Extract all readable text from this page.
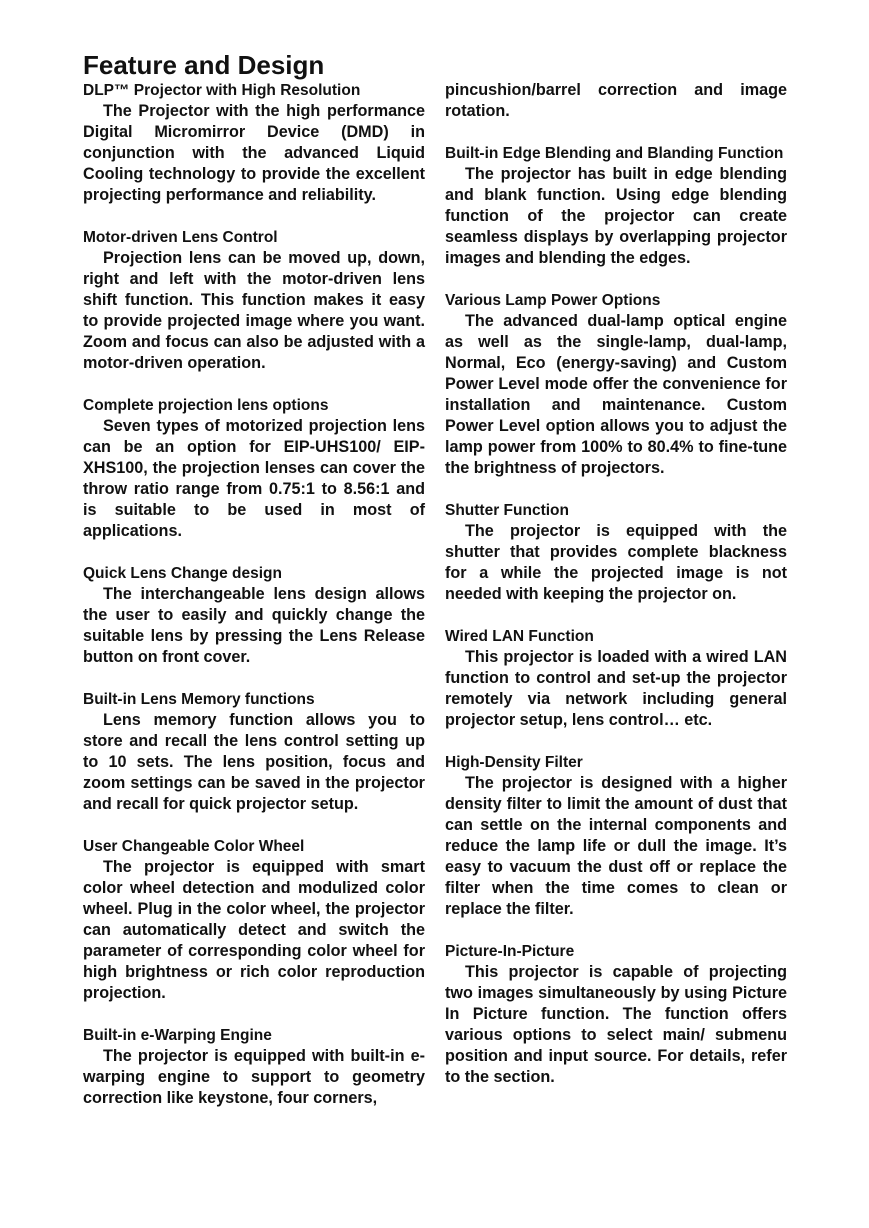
Feature and Design
DLP™ Projector with High Resolution
The Projector with the high performance Digital Micromirror Device (DMD) in conjunction with the advanced Liquid Cooling technology to provide the excellent projecting performance and reliability.
Motor-driven Lens Control
Projection lens can be moved up, down, right and left with the motor-driven lens shift function. This function makes it easy to provide projected image where you want. Zoom and focus can also be adjusted with a motor-driven operation.
Complete projection lens options
Seven types of motorized projection lens can be an option for EIP-UHS100/ EIP-XHS100, the projection lenses can cover the throw ratio range from 0.75:1 to 8.56:1 and is suitable to be used in most of applications.
Quick Lens Change design
The interchangeable lens design allows the user to easily and quickly change the suitable lens by pressing the Lens Release button on front cover.
Built-in Lens Memory functions
Lens memory function allows you to store and recall the lens control setting up to 10 sets. The lens position, focus and zoom settings can be saved in the projector and recall for quick projector setup.
User Changeable Color Wheel
The projector is equipped with smart color wheel detection and modulized color wheel. Plug in the color wheel, the projector can automatically detect and switch the parameter of corresponding color wheel for high brightness or rich color reproduction projection.
Built-in e-Warping Engine
The projector is equipped with built-in e-warping engine to support to geometry correction like keystone, four corners,
pincushion/barrel correction and image rotation.
Built-in Edge Blending and Blanding Function
The projector has built in edge blending and blank function. Using edge blending function of the projector can create seamless displays by overlapping projector images and blending the edges.
Various Lamp Power Options
The advanced dual-lamp optical engine as well as the single-lamp, dual-lamp, Normal, Eco (energy-saving) and Custom Power Level mode offer the convenience for installation and maintenance. Custom Power Level option allows you to adjust the lamp power from 100% to 80.4% to fine-tune the brightness of projectors.
Shutter Function
The projector is equipped with the shutter that provides complete blackness for a while the projected image is not needed with keeping the projector on.
Wired LAN Function
This projector is loaded with a wired LAN function to control and set-up the projector remotely via network including general projector setup, lens control… etc.
High-Density Filter
The projector is designed with a higher density filter to limit the amount of dust that can settle on the internal components and reduce the lamp life or dull the image. It’s easy to vacuum the dust off or replace the filter when the time comes to clean or replace the filter.
Picture-In-Picture
This projector is capable of projecting two images simultaneously by using Picture In Picture function. The function offers various options to select main/ submenu position and input source. For details, refer to the section.
